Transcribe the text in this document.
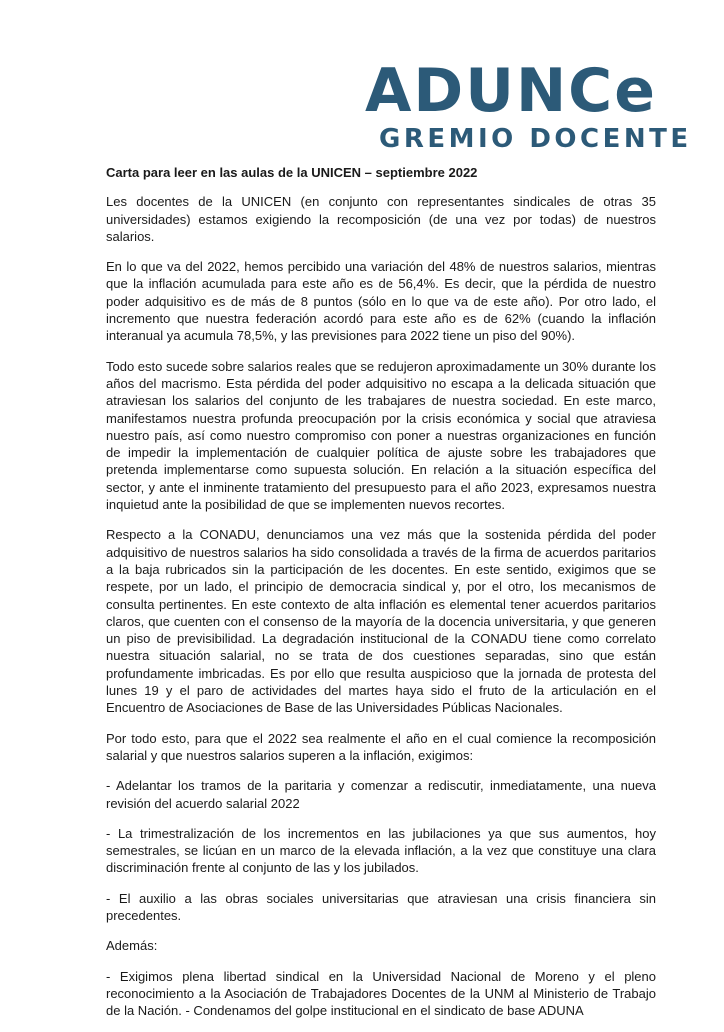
ADUNCe
GREMIO DOCENTE

Carta para leer en las aulas de la UNICEN – septiembre 2022

Les docentes de la UNICEN (en conjunto con representantes sindicales de otras 35 universidades) estamos exigiendo la recomposición (de una vez por todas) de nuestros salarios.

En lo que va del 2022, hemos percibido una variación del 48% de nuestros salarios, mientras que la inflación acumulada para este año es de 56,4%. Es decir, que la pérdida de nuestro poder adquisitivo es de más de 8 puntos (sólo en lo que va de este año). Por otro lado, el incremento que nuestra federación acordó para este año es de 62% (cuando la inflación interanual ya acumula 78,5%, y las previsiones para 2022 tiene un piso del 90%).

Todo esto sucede sobre salarios reales que se redujeron aproximadamente un 30% durante los años del macrismo. Esta pérdida del poder adquisitivo no escapa a la delicada situación que atraviesan los salarios del conjunto de les trabajares de nuestra sociedad. En este marco, manifestamos nuestra profunda preocupación por la crisis económica y social que atraviesa nuestro país, así como nuestro compromiso con poner a nuestras organizaciones en función de impedir la implementación de cualquier política de ajuste sobre les trabajadores que pretenda implementarse como supuesta solución. En relación a la situación específica del sector, y ante el inminente tratamiento del presupuesto para el año 2023, expresamos nuestra inquietud ante la posibilidad de que se implementen nuevos recortes.

Respecto a la CONADU, denunciamos una vez más que la sostenida pérdida del poder adquisitivo de nuestros salarios ha sido consolidada a través de la firma de acuerdos paritarios a la baja rubricados sin la participación de les docentes. En este sentido, exigimos que se respete, por un lado, el principio de democracia sindical y, por el otro, los mecanismos de consulta pertinentes. En este contexto de alta inflación es elemental tener acuerdos paritarios claros, que cuenten con el consenso de la mayoría de la docencia universitaria, y que generen un piso de previsibilidad. La degradación institucional de la CONADU tiene como correlato nuestra situación salarial, no se trata de dos cuestiones separadas, sino que están profundamente imbricadas. Es por ello que resulta auspicioso que la jornada de protesta del lunes 19 y el paro de actividades del martes haya sido el fruto de la articulación en el Encuentro de Asociaciones de Base de las Universidades Públicas Nacionales.

Por todo esto, para que el 2022 sea realmente el año en el cual comience la recomposición salarial y que nuestros salarios superen a la inflación, exigimos:

- Adelantar los tramos de la paritaria y comenzar a rediscutir, inmediatamente, una nueva revisión del acuerdo salarial 2022

- La trimestralización de los incrementos en las jubilaciones ya que sus aumentos, hoy semestrales, se licúan en un marco de la elevada inflación, a la vez que constituye una clara discriminación frente al conjunto de las y los jubilados.

- El auxilio a las obras sociales universitarias que atraviesan una crisis financiera sin precedentes.

Además:

- Exigimos plena libertad sindical en la Universidad Nacional de Moreno y el pleno reconocimiento a la Asociación de Trabajadores Docentes de la UNM al Ministerio de Trabajo de la Nación. - Condenamos del golpe institucional en el sindicato de base ADUNA
